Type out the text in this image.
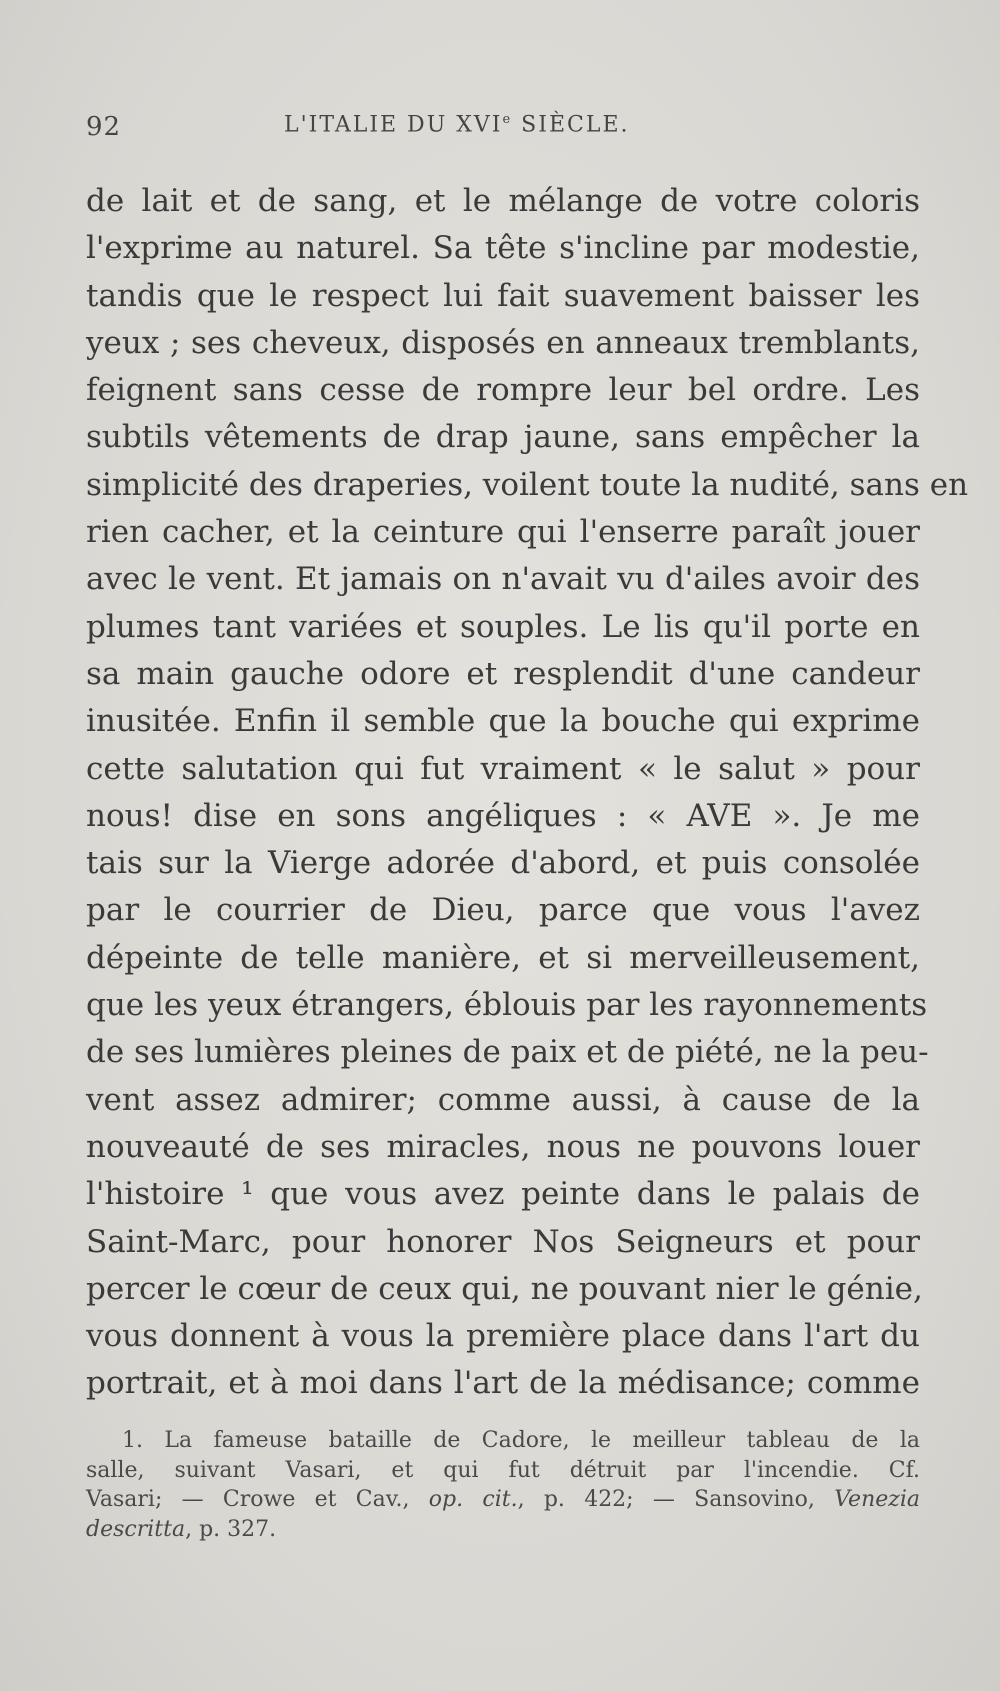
92	L'ITALIE DU XVIe SIÈCLE.
de lait et de sang, et le mélange de votre coloris
l'exprime au naturel. Sa tête s'incline par modestie,
tandis que le respect lui fait suavement baisser les
yeux ; ses cheveux, disposés en anneaux tremblants,
feignent sans cesse de rompre leur bel ordre. Les
subtils vêtements de drap jaune, sans empêcher la
simplicité des draperies, voilent toute la nudité, sans en
rien cacher, et la ceinture qui l'enserre paraît jouer
avec le vent. Et jamais on n'avait vu d'ailes avoir des
plumes tant variées et souples. Le lis qu'il porte en
sa main gauche odore et resplendit d'une candeur
inusitée. Enfin il semble que la bouche qui exprime
cette salutation qui fut vraiment « le salut » pour
nous! dise en sons angéliques : « AVE ». Je me
tais sur la Vierge adorée d'abord, et puis consolée
par le courrier de Dieu, parce que vous l'avez
dépeinte de telle manière, et si merveilleusement,
que les yeux étrangers, éblouis par les rayonnements
de ses lumières pleines de paix et de piété, ne la peu-
vent assez admirer; comme aussi, à cause de la
nouveauté de ses miracles, nous ne pouvons louer
l'histoire ¹ que vous avez peinte dans le palais de
Saint-Marc, pour honorer Nos Seigneurs et pour
percer le cœur de ceux qui, ne pouvant nier le génie,
vous donnent à vous la première place dans l'art du
portrait, et à moi dans l'art de la médisance; comme
1. La fameuse bataille de Cadore, le meilleur tableau de la
salle, suivant Vasari, et qui fut détruit par l'incendie. Cf.
Vasari; — Crowe et Cav., op. cit., p. 422; — Sansovino, Venezia
descritta, p. 327.
